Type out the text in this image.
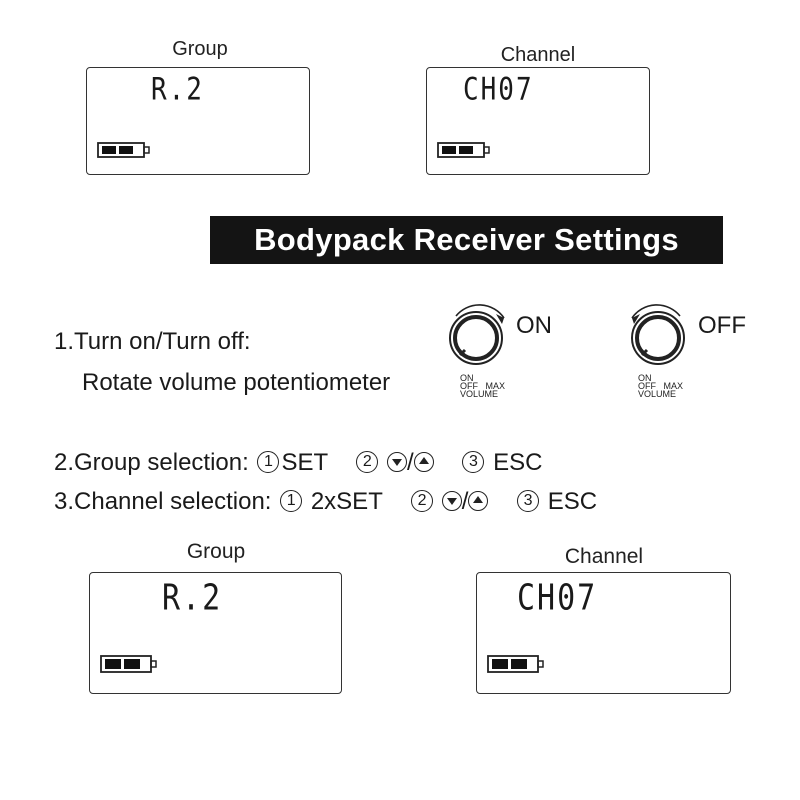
Group
R.2
Channel
CH07
Bodypack Receiver Settings
1.Turn on/Turn off:
Rotate volume potentiometer
ON
ON
OFF MAX
VOLUME
OFF
ON
OFF MAX
VOLUME
2.Group selection: 1 SET 2 /	3 ESC
3.Channel selection: 1 2xSET 2 /	3 ESC
Group
R.2
Channel
CH07
